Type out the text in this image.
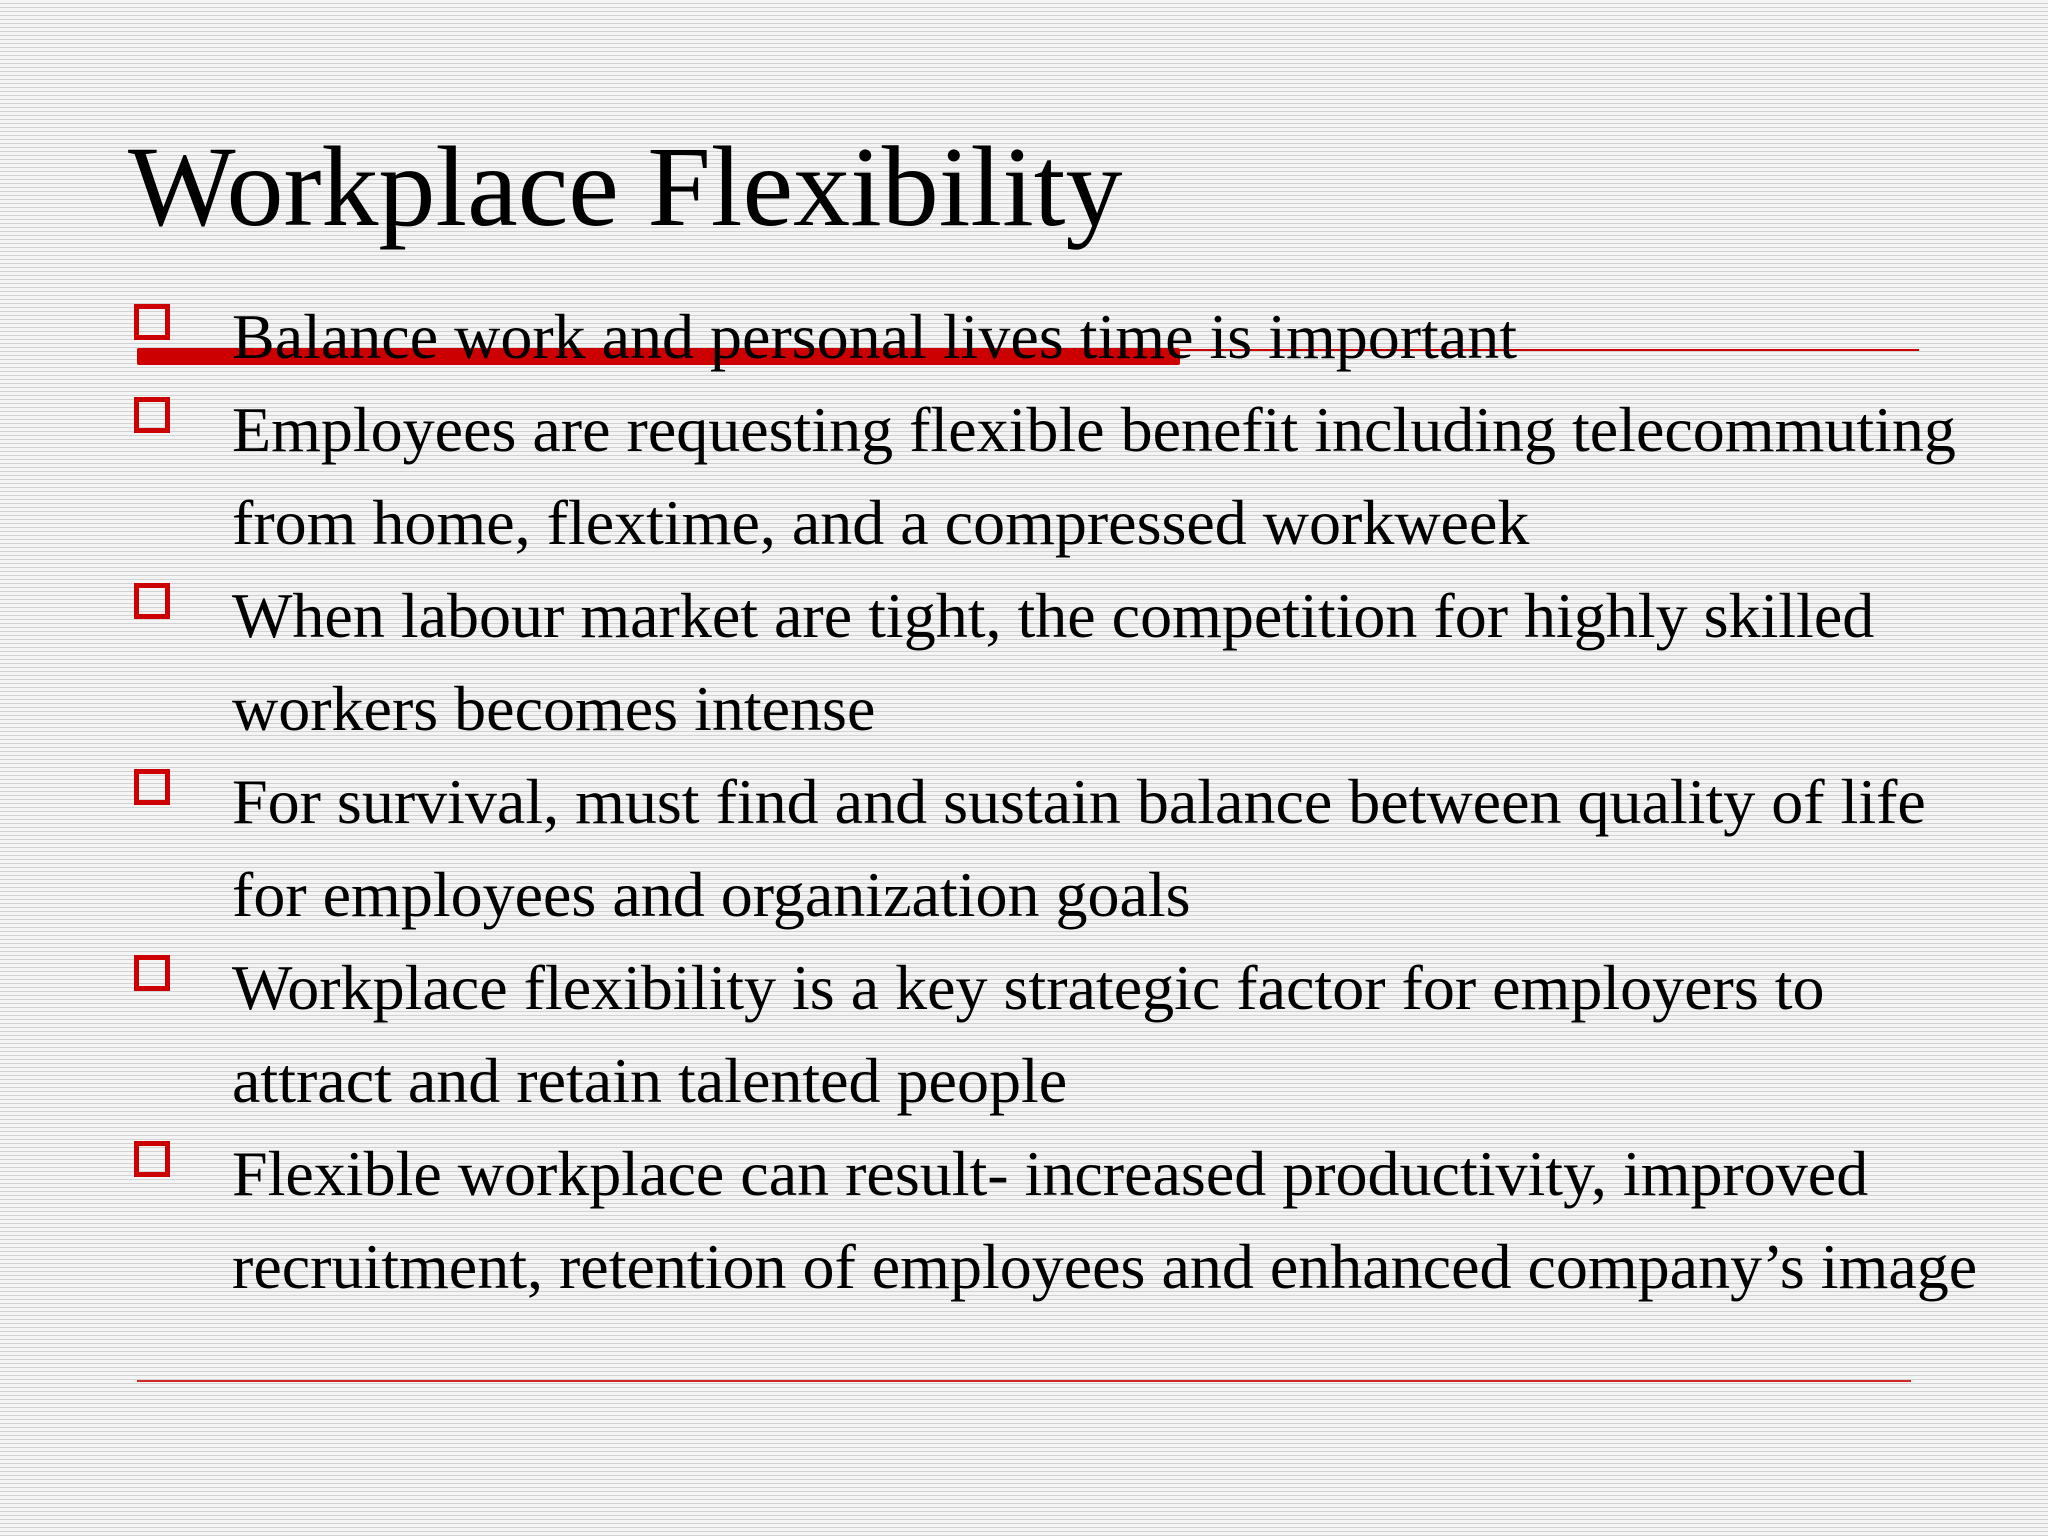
Workplace Flexibility
Balance work and personal lives time is important
Employees are requesting flexible benefit including telecommuting from home, flextime, and a compressed workweek
When labour market are tight, the competition for highly skilled workers becomes intense
For survival, must find and sustain balance between quality of life for employees and organization goals
Workplace flexibility is a key strategic factor for employers to attract and retain talented people
Flexible workplace can result- increased productivity, improved recruitment, retention of employees and enhanced company’s image
